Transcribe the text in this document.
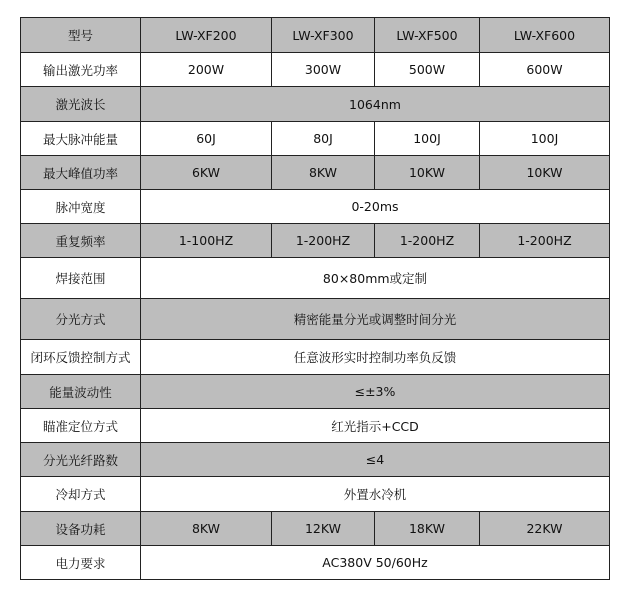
型号	LW-XF200	LW-XF300	LW-XF500	LW-XF600
输出激光功率	200W	300W	500W	600W
激光波长	1064nm			
最大脉冲能量	60J	80J	100J	100J
最大峰值功率	6KW	8KW	10KW	10KW
脉冲宽度	0-20ms			
重复频率	1-100HZ	1-200HZ	1-200HZ	1-200HZ
焊接范围	80×80mm或定制			
分光方式	精密能量分光或调整时间分光			
闭环反馈控制方式	任意波形实时控制功率负反馈			
能量波动性	≤±3%			
瞄准定位方式	红光指示+CCD			
分光光纤路数	≤4			
冷却方式	外置水冷机			
设备功耗	8KW	12KW	18KW	22KW
电力要求	AC380V 50/60Hz			
